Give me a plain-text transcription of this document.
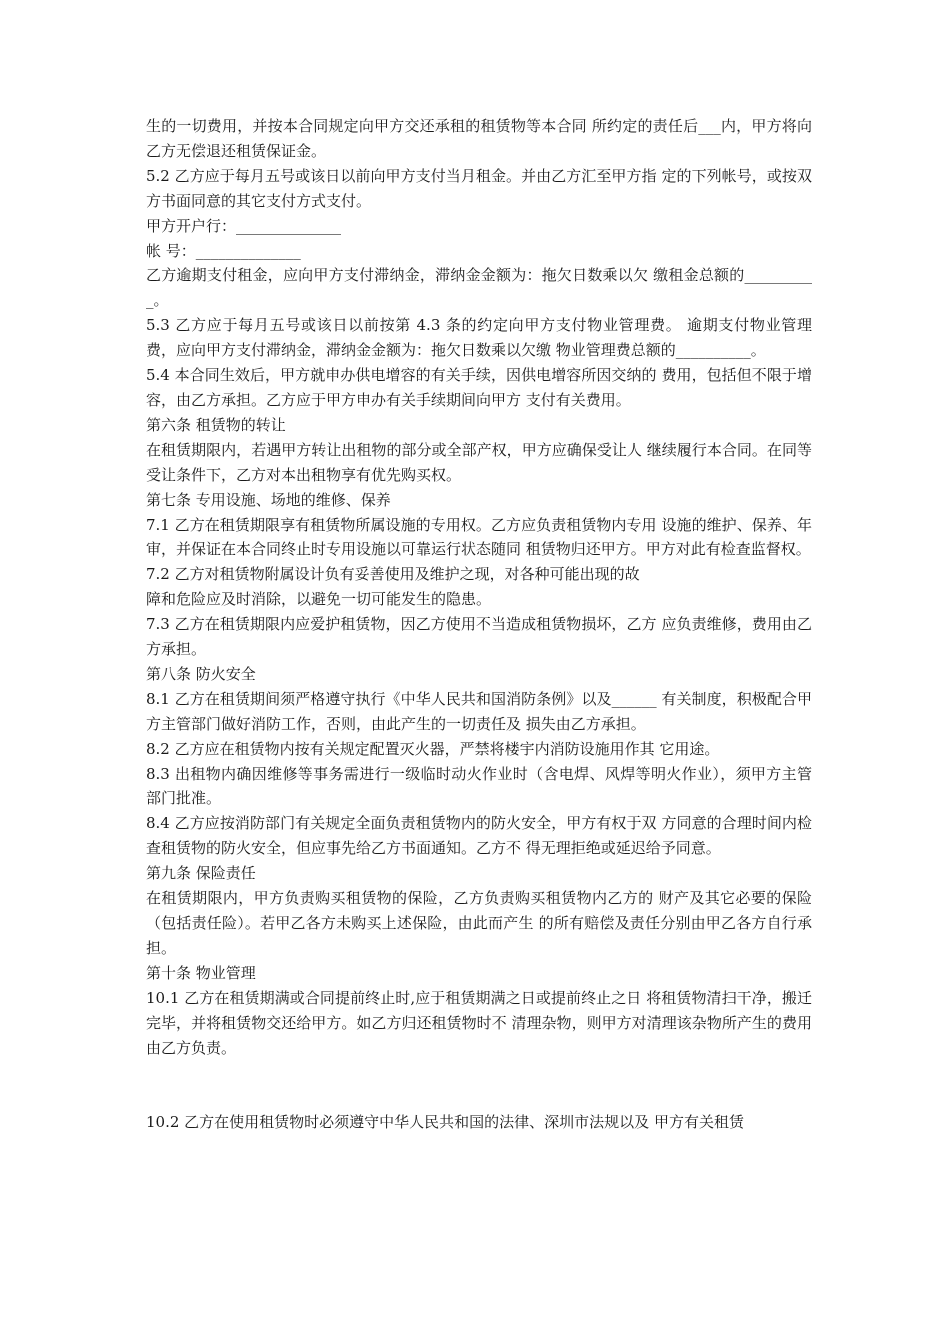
生的一切费用，并按本合同规定向甲方交还承租的租赁物等本合同 所约定的责任后___内，甲方将向乙方无偿退还租赁保证金。

5.2 乙方应于每月五号或该日以前向甲方支付当月租金。并由乙方汇至甲方指 定的下列帐号，或按双方书面同意的其它支付方式支付。

甲方开户行：______________

帐 号：______________

乙方逾期支付租金，应向甲方支付滞纳金，滞纳金金额为：拖欠日数乘以欠 缴租金总额的__________。

5.3 乙方应于每月五号或该日以前按第 4.3 条的约定向甲方支付物业管理费。 逾期支付物业管理费，应向甲方支付滞纳金，滞纳金金额为：拖欠日数乘以欠缴 物业管理费总额的__________。

5.4 本合同生效后，甲方就申办供电增容的有关手续，因供电增容所因交纳的 费用，包括但不限于增容，由乙方承担。乙方应于甲方申办有关手续期间向甲方 支付有关费用。

第六条 租赁物的转让

在租赁期限内，若遇甲方转让出租物的部分或全部产权，甲方应确保受让人 继续履行本合同。在同等受让条件下，乙方对本出租物享有优先购买权。

第七条 专用设施、场地的维修、保养

7.1 乙方在租赁期限享有租赁物所属设施的专用权。乙方应负责租赁物内专用 设施的维护、保养、年审，并保证在本合同终止时专用设施以可靠运行状态随同 租赁物归还甲方。甲方对此有检查监督权。

7.2 乙方对租赁物附属设计负有妥善使用及维护之现，对各种可能出现的故

障和危险应及时消除，以避免一切可能发生的隐患。

7.3 乙方在租赁期限内应爱护租赁物，因乙方使用不当造成租赁物损坏，乙方 应负责维修，费用由乙方承担。

第八条 防火安全

8.1 乙方在租赁期间须严格遵守执行《中华人民共和国消防条例》以及______ 有关制度，积极配合甲方主管部门做好消防工作，否则，由此产生的一切责任及 损失由乙方承担。

8.2 乙方应在租赁物内按有关规定配置灭火器，严禁将楼宇内消防设施用作其 它用途。

8.3 出租物内确因维修等事务需进行一级临时动火作业时（含电焊、风焊等明火作业），须甲方主管部门批准。

8.4 乙方应按消防部门有关规定全面负责租赁物内的防火安全，甲方有权于双 方同意的合理时间内检查租赁物的防火安全，但应事先给乙方书面通知。乙方不 得无理拒绝或延迟给予同意。

第九条 保险责任

在租赁期限内，甲方负责购买租赁物的保险，乙方负责购买租赁物内乙方的 财产及其它必要的保险（包括责任险）。若甲乙各方未购买上述保险，由此而产生 的所有赔偿及责任分别由甲乙各方自行承担。

第十条 物业管理

10.1 乙方在租赁期满或合同提前终止时,应于租赁期满之日或提前终止之日 将租赁物清扫干净，搬迁完毕，并将租赁物交还给甲方。如乙方归还租赁物时不 清理杂物，则甲方对清理该杂物所产生的费用由乙方负责。

10.2 乙方在使用租赁物时必须遵守中华人民共和国的法律、深圳市法规以及 甲方有关租赁
